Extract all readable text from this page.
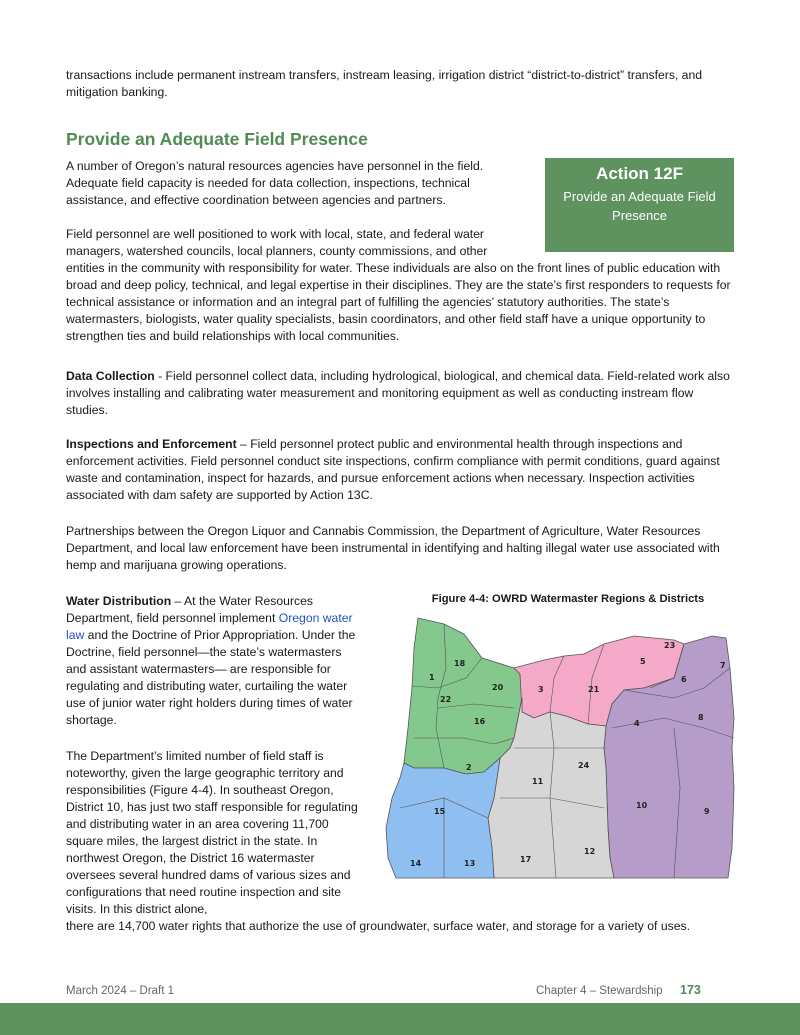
transactions include permanent instream transfers, instream leasing, irrigation district “district-to-district” transfers, and mitigation banking.

Provide an Adequate Field Presence
Action 12F
Provide an Adequate Field Presence

A number of Oregon’s natural resources agencies have personnel in the field. Adequate field capacity is needed for data collection, inspections, technical assistance, and effective coordination between agencies and partners.

Field personnel are well positioned to work with local, state, and federal water managers, watershed councils, local planners, county commissions, and other entities in the community with responsibility for water. These individuals are also on the front lines of public education with broad and deep policy, technical, and legal expertise in their disciplines. They are the state’s first responders to requests for technical assistance or information and an integral part of fulfilling the agencies’ statutory authorities. The state’s watermasters, biologists, water quality specialists, basin coordinators, and other field staff have a unique opportunity to strengthen ties and build relationships with local communities.

Data Collection - Field personnel collect data, including hydrological, biological, and chemical data. Field-related work also involves installing and calibrating water measurement and monitoring equipment as well as conducting instream flow studies.

Inspections and Enforcement – Field personnel protect public and environmental health through inspections and enforcement activities. Field personnel conduct site inspections, confirm compliance with permit conditions, guard against waste and contamination, inspect for hazards, and pursue enforcement actions when necessary. Inspection activities associated with dam safety are supported by Action 13C.

Partnerships between the Oregon Liquor and Cannabis Commission, the Department of Agriculture, Water Resources Department, and local law enforcement have been instrumental in identifying and halting illegal water use associated with hemp and marijuana growing operations.

Water Distribution – At the Water Resources Department, field personnel implement Oregon water law and the Doctrine of Prior Appropriation. Under the Doctrine, field personnel—the state’s watermasters and assistant watermasters— are responsible for regulating and distributing water, curtailing the water use of junior water right holders during times of water shortage.

The Department’s limited number of field staff is noteworthy, given the large geographic territory and responsibilities (Figure 4-4). In southeast Oregon, District 10, has just two staff responsible for regulating and distributing water in an area covering 11,700 square miles, the largest district in the state. In northwest Oregon, the District 16 watermaster oversees several hundred dams of various sizes and configurations that need routine inspection and site visits. In this district alone,

there are 14,700 water rights that authorize the use of groundwater, surface water, and storage for a variety of uses.

Figure 4-4: OWRD Watermaster Regions & Districts
23
18	7
5
1
20	3	21
6
22
16	4
8
24
2
11
15
10
9
12
17
14	13
March 2024 – Draft 1	Chapter 4 – Stewardship 173
